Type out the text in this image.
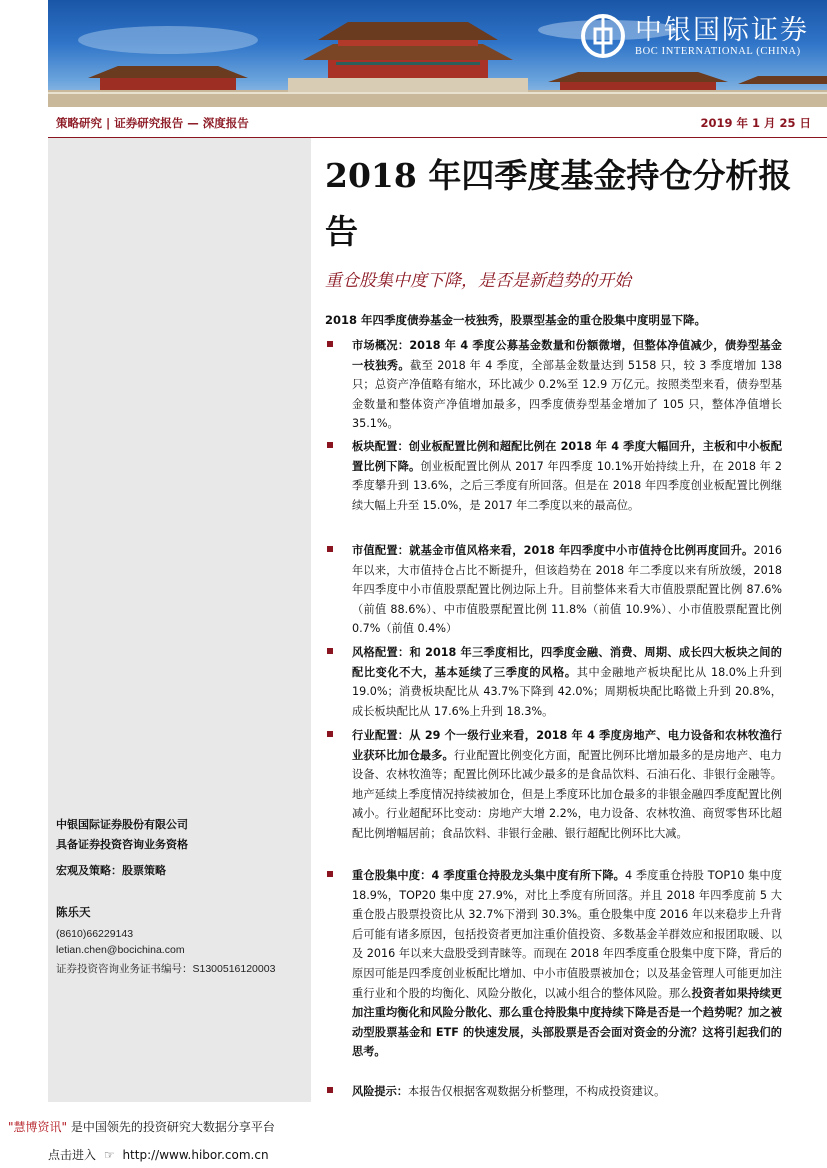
中银国际证券
BOC INTERNATIONAL (CHINA)
策略研究 | 证券研究报告 — 深度报告	2019 年 1 月 25 日
中银国际证券股份有限公司
具备证券投资咨询业务资格
宏观及策略：股票策略
陈乐天
(8610)66229143
letian.chen@bocichina.com
证券投资咨询业务证书编号：S1300516120003
2018 年四季度基金持仓分析报告
重仓股集中度下降，是否是新趋势的开始
2018 年四季度债券基金一枝独秀，股票型基金的重仓股集中度明显下降。
市场概况：2018 年 4 季度公募基金数量和份额微增，但整体净值减少，债券型基金一枝独秀。截至 2018 年 4 季度，全部基金数量达到 5158 只，较 3 季度增加 138 只；总资产净值略有缩水，环比减少 0.2%至 12.9 万亿元。按照类型来看，债券型基金数量和整体资产净值增加最多，四季度债券型基金增加了 105 只，整体净值增长 35.1%。
板块配置：创业板配置比例和超配比例在 2018 年 4 季度大幅回升，主板和中小板配置比例下降。创业板配置比例从 2017 年四季度 10.1%开始持续上升，在 2018 年 2 季度攀升到 13.6%，之后三季度有所回落。但是在 2018 年四季度创业板配置比例继续大幅上升至 15.0%，是 2017 年二季度以来的最高位。
市值配置：就基金市值风格来看，2018 年四季度中小市值持仓比例再度回升。2016 年以来，大市值持仓占比不断提升，但该趋势在 2018 年二季度以来有所放缓，2018 年四季度中小市值股票配置比例边际上升。目前整体来看大市值股票配置比例 87.6%（前值 88.6%）、中市值股票配置比例 11.8%（前值 10.9%）、小市值股票配置比例 0.7%（前值 0.4%）
风格配置：和 2018 年三季度相比，四季度金融、消费、周期、成长四大板块之间的配比变化不大，基本延续了三季度的风格。其中金融地产板块配比从 18.0%上升到 19.0%；消费板块配比从 43.7%下降到 42.0%；周期板块配比略微上升到 20.8%，成长板块配比从 17.6%上升到 18.3%。
行业配置：从 29 个一级行业来看，2018 年 4 季度房地产、电力设备和农林牧渔行业获环比加仓最多。行业配置比例变化方面，配置比例环比增加最多的是房地产、电力设备、农林牧渔等；配置比例环比减少最多的是食品饮料、石油石化、非银行金融等。地产延续上季度情况持续被加仓，但是上季度环比加仓最多的非银金融四季度配置比例减小。行业超配环比变动：房地产大增 2.2%，电力设备、农林牧渔、商贸零售环比超配比例增幅居前；食品饮料、非银行金融、银行超配比例环比大减。
重仓股集中度：4 季度重仓持股龙头集中度有所下降。4 季度重仓持股 TOP10 集中度 18.9%，TOP20 集中度 27.9%，对比上季度有所回落。并且 2018 年四季度前 5 大重仓股占股票投资比从 32.7%下滑到 30.3%。重仓股集中度 2016 年以来稳步上升背后可能有诸多原因，包括投资者更加注重价值投资、多数基金羊群效应和报团取暖、以及 2016 年以来大盘股受到青睐等。而现在 2018 年四季度重仓股集中度下降，背后的原因可能是四季度创业板配比增加、中小市值股票被加仓；以及基金管理人可能更加注重行业和个股的均衡化、风险分散化，以减小组合的整体风险。那么投资者如果持续更加注重均衡化和风险分散化、那么重仓持股集中度持续下降是否是一个趋势呢？加之被动型股票基金和 ETF 的快速发展，头部股票是否会面对资金的分流？这将引起我们的思考。
风险提示：本报告仅根据客观数据分析整理，不构成投资建议。
"慧博资讯" 是中国领先的投资研究大数据分享平台
点击进入 ☞ http://www.hibor.com.cn
